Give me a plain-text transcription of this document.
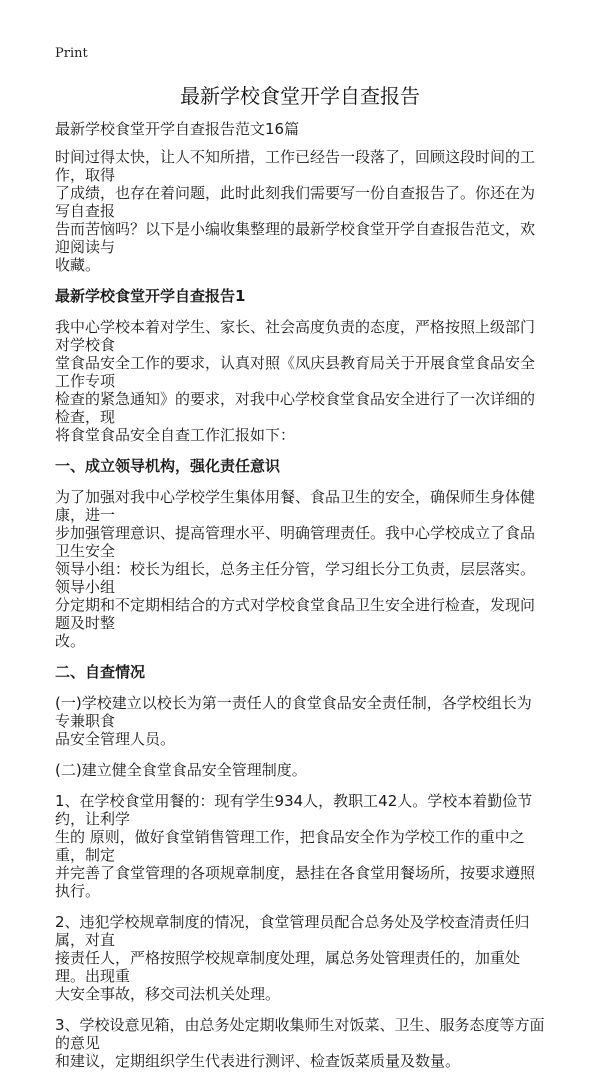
Print
最新学校食堂开学自查报告
最新学校食堂开学自查报告范文16篇
时间过得太快，让人不知所措，工作已经告一段落了，回顾这段时间的工作，取得
了成绩，也存在着问题，此时此刻我们需要写一份自查报告了。你还在为写自查报
告而苦恼吗？以下是小编收集整理的最新学校食堂开学自查报告范文，欢迎阅读与
收藏。
最新学校食堂开学自查报告1
我中心学校本着对学生、家长、社会高度负责的态度，严格按照上级部门对学校食
堂食品安全工作的要求，认真对照《凤庆县教育局关于开展食堂食品安全工作专项
检查的紧急通知》的要求，对我中心学校食堂食品安全进行了一次详细的检查，现
将食堂食品安全自查工作汇报如下：
一、成立领导机构，强化责任意识
为了加强对我中心学校学生集体用餐、食品卫生的安全，确保师生身体健康，进一
步加强管理意识、提高管理水平、明确管理责任。我中心学校成立了食品卫生安全
领导小组：校长为组长，总务主任分管，学习组长分工负责，层层落实。领导小组
分定期和不定期相结合的方式对学校食堂食品卫生安全进行检查，发现问题及时整
改。
二、自查情况
(一)学校建立以校长为第一责任人的食堂食品安全责任制，各学校组长为专兼职食
品安全管理人员。
(二)建立健全食堂食品安全管理制度。
1、在学校食堂用餐的：现有学生934人，教职工42人。学校本着勤俭节约，让利学
生的 原则，做好食堂销售管理工作，把食品安全作为学校工作的重中之重，制定
并完善了食堂管理的各项规章制度，悬挂在各食堂用餐场所，按要求遵照执行。
2、违犯学校规章制度的情况，食堂管理员配合总务处及学校查清责任归属，对直
接责任人，严格按照学校规章制度处理，属总务处管理责任的，加重处理。出现重
大安全事故，移交司法机关处理。
3、学校设意见箱，由总务处定期收集师生对饭菜、卫生、服务态度等方面的意见
和建议，定期组织学生代表进行测评、检查饭菜质量及数量。
